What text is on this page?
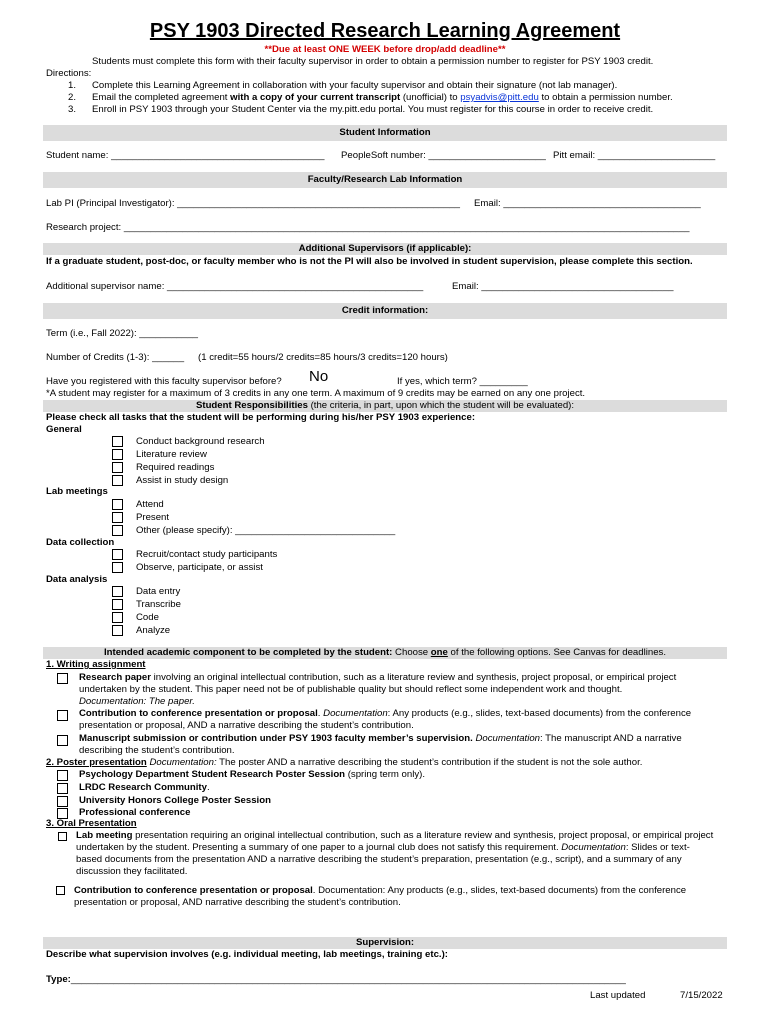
PSY 1903 Directed Research Learning Agreement
**Due at least ONE WEEK before drop/add deadline**
Students must complete this form with their faculty supervisor in order to obtain a permission number to register for PSY 1903 credit.
Directions:
1. Complete this Learning Agreement in collaboration with your faculty supervisor and obtain their signature (not lab manager).
2. Email the completed agreement with a copy of your current transcript (unofficial) to psyadvis@pitt.edu to obtain a permission number.
3. Enroll in PSY 1903 through your Student Center via the my.pitt.edu portal. You must register for this course in order to receive credit.
Student Information
Student name: ________________________________________ PeopleSoft number: ______________________ Pitt email: ______________________
Faculty/Research Lab Information
Lab PI (Principal Investigator): _____________________________________________________ Email: _____________________________________
Research project: __________________________________________________________________________________________________________
Additional Supervisors (if applicable):
If a graduate student, post-doc, or faculty member who is not the PI will also be involved in student supervision, please complete this section.
Additional supervisor name: ________________________________________________	Email: ____________________________________
Credit information:
Term (i.e., Fall 2022): ___________
Number of Credits (1-3): ______ (1 credit=55 hours/2 credits=85 hours/3 credits=120 hours)
Have you registered with this faculty supervisor before? No	If yes, which term? _________
*A student may register for a maximum of 3 credits in any one term. A maximum of 9 credits may be earned on any one project.
Student Responsibilities (the criteria, in part, upon which the student will be evaluated):
Please check all tasks that the student will be performing during his/her PSY 1903 experience:
General
Conduct background research
Literature review
Required readings
Assist in study design
Lab meetings
Attend
Present
Other (please specify): ______________________________
Data collection
Recruit/contact study participants
Observe, participate, or assist
Data analysis
Data entry
Transcribe
Code
Analyze
Intended academic component to be completed by the student: Choose one of the following options. See Canvas for deadlines.
1. Writing assignment
Research paper involving an original intellectual contribution, such as a literature review and synthesis, project proposal, or empirical project
undertaken by the student. This paper need not be of publishable quality but should reflect some independent work and thought.
Documentation: The paper.
Contribution to conference presentation or proposal. Documentation: Any products (e.g., slides, text-based documents) from the conference
presentation or proposal, AND a narrative describing the student’s contribution.
Manuscript submission or contribution under PSY 1903 faculty member’s supervision. Documentation: The manuscript AND a narrative
describing the student’s contribution.
2. Poster presentation Documentation: The poster AND a narrative describing the student’s contribution if the student is not the sole author.
Psychology Department Student Research Poster Session (spring term only).
LRDC Research Community.
University Honors College Poster Session
Professional conference
3. Oral Presentation
Lab meeting presentation requiring an original intellectual contribution, such as a literature review and synthesis, project proposal, or empirical project
undertaken by the student. Presenting a summary of one paper to a journal club does not satisfy this requirement. Documentation: Slides or text-
based documents from the presentation AND a narrative describing the student’s preparation, presentation (e.g., script), and a summary of any
discussion they facilitated.
Contribution to conference presentation or proposal. Documentation: Any products (e.g., slides, text-based documents) from the conference
presentation or proposal, AND narrative describing the student’s contribution.
Supervision:
Describe what supervision involves (e.g. individual meeting, lab meetings, training etc.):
Type:________________________________________________________________________________________________________
Last updated	7/15/2022
